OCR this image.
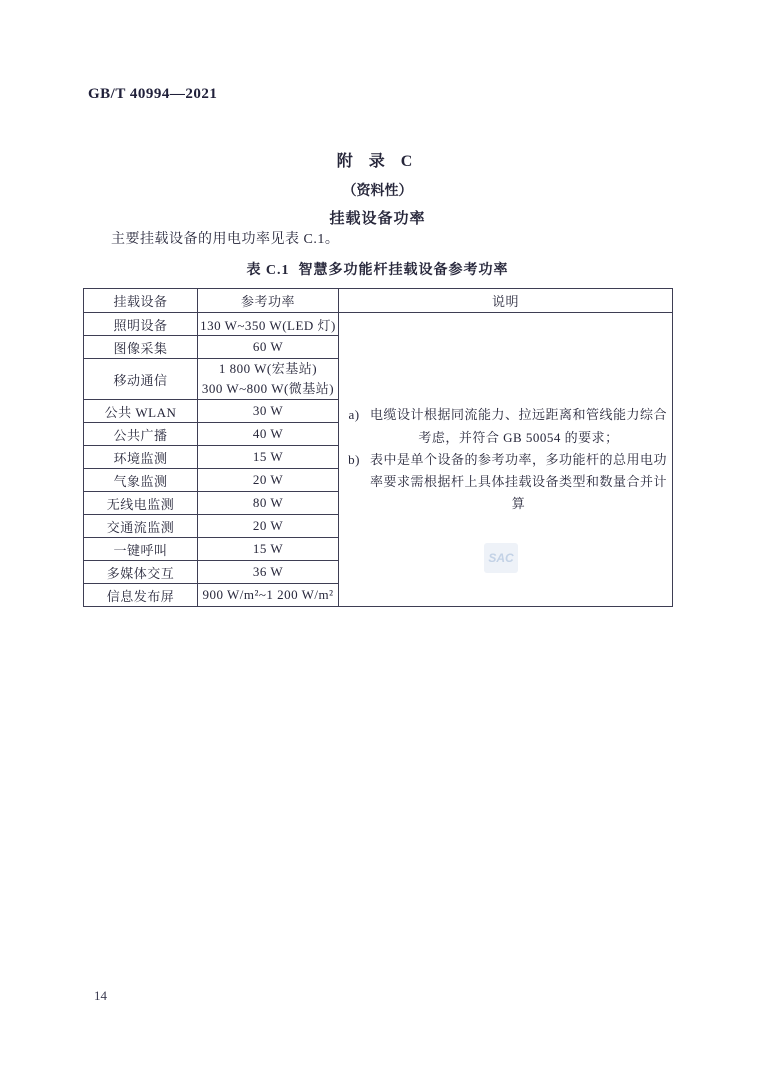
GB/T 40994—2021
附 录 C
（资料性）
挂载设备功率
主要挂载设备的用电功率见表 C.1。
表 C.1  智慧多功能杆挂载设备参考功率
挂载设备	参考功率	说明
照明设备	130 W~350 W(LED 灯)	a) 电缆设计根据同流能力、拉远距离和管线能力综合考虑，并符合 GB 50054 的要求；
b) 表中是单个设备的参考功率，多功能杆的总用电功率要求需根据杆上具体挂载设备类型和数量合并计算

图像采集	60 W	
移动通信	1 800 W(宏基站)
300 W~800 W(微基站)	

公共 WLAN	30 W	
公共广播	40 W	
环境监测	15 W	
气象监测	20 W	
无线电监测	80 W	
交通流监测	20 W	
一键呼叫	15 W	
多媒体交互	36 W	
信息发布屏	900 W/m²~1 200 W/m²	
SAC
14
